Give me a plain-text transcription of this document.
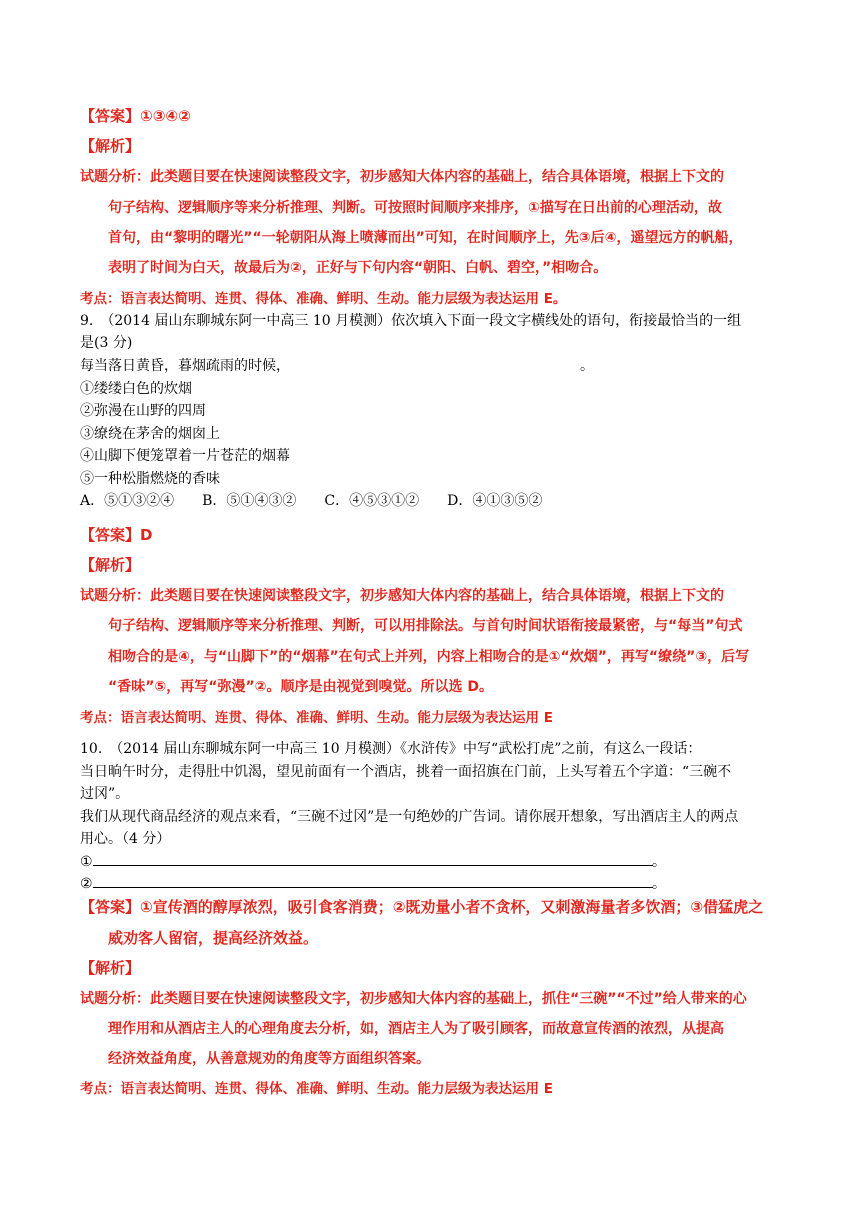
【答案】①③④②
【解析】
试题分析：此类题目要在快速阅读整段文字，初步感知大体内容的基础上，结合具体语境，根据上下文的
句子结构、逻辑顺序等来分析推理、判断。可按照时间顺序来排序，①描写在日出前的心理活动，故
首句，由“黎明的曙光”“一轮朝阳从海上喷薄而出”可知，在时间顺序上，先③后④，遥望远方的帆船，
表明了时间为白天，故最后为②，正好与下句内容“朝阳、白帆、碧空，”相吻合。
考点：语言表达简明、连贯、得体、准确、鲜明、生动。能力层级为表达运用 E。
9.　（2014 届山东聊城东阿一中高三 10 月模测）依次填入下面一段文字横线处的语句，衔接最恰当的一组
是(3 分)
每当落日黄昏，暮烟疏雨的时候，	。
①缕缕白色的炊烟
②弥漫在山野的四周
③缭绕在茅舍的烟囱上
④山脚下便笼罩着一片苍茫的烟幕
⑤一种松脂燃烧的香味
A．⑤①③②④　　B．⑤①④③②　　C．④⑤③①②　　D．④①③⑤②
【答案】D
【解析】
试题分析：此类题目要在快速阅读整段文字，初步感知大体内容的基础上，结合具体语境，根据上下文的
句子结构、逻辑顺序等来分析推理、判断，可以用排除法。与首句时间状语衔接最紧密，与“每当”句式
相吻合的是④，与“山脚下”的“烟幕”在句式上并列，内容上相吻合的是①“炊烟”，再写“缭绕”③，后写
“香味”⑤，再写“弥漫”②。顺序是由视觉到嗅觉。所以选 D。
考点：语言表达简明、连贯、得体、准确、鲜明、生动。能力层级为表达运用 E
10.　（2014 届山东聊城东阿一中高三 10 月模测）《水浒传》中写“武松打虎”之前，有这么一段话：
当日晌午时分，走得肚中饥渴，望见前面有一个酒店，挑着一面招旗在门前，上头写着五个字道：“三碗不
过冈”。
我们从现代商品经济的观点来看，“三碗不过冈”是一句绝妙的广告词。请你展开想象，写出酒店主人的两点
用心。（4 分）
①	。
②	。
【答案】①宣传酒的醇厚浓烈，吸引食客消费；②既劝量小者不贪杯，又刺激海量者多饮酒；③借猛虎之
威劝客人留宿，提高经济效益。
【解析】
试题分析：此类题目要在快速阅读整段文字，初步感知大体内容的基础上，抓住“三碗”“不过”给人带来的心
理作用和从酒店主人的心理角度去分析，如，酒店主人为了吸引顾客，而故意宣传酒的浓烈，从提高
经济效益角度，从善意规劝的角度等方面组织答案。
考点：语言表达简明、连贯、得体、准确、鲜明、生动。能力层级为表达运用 E
